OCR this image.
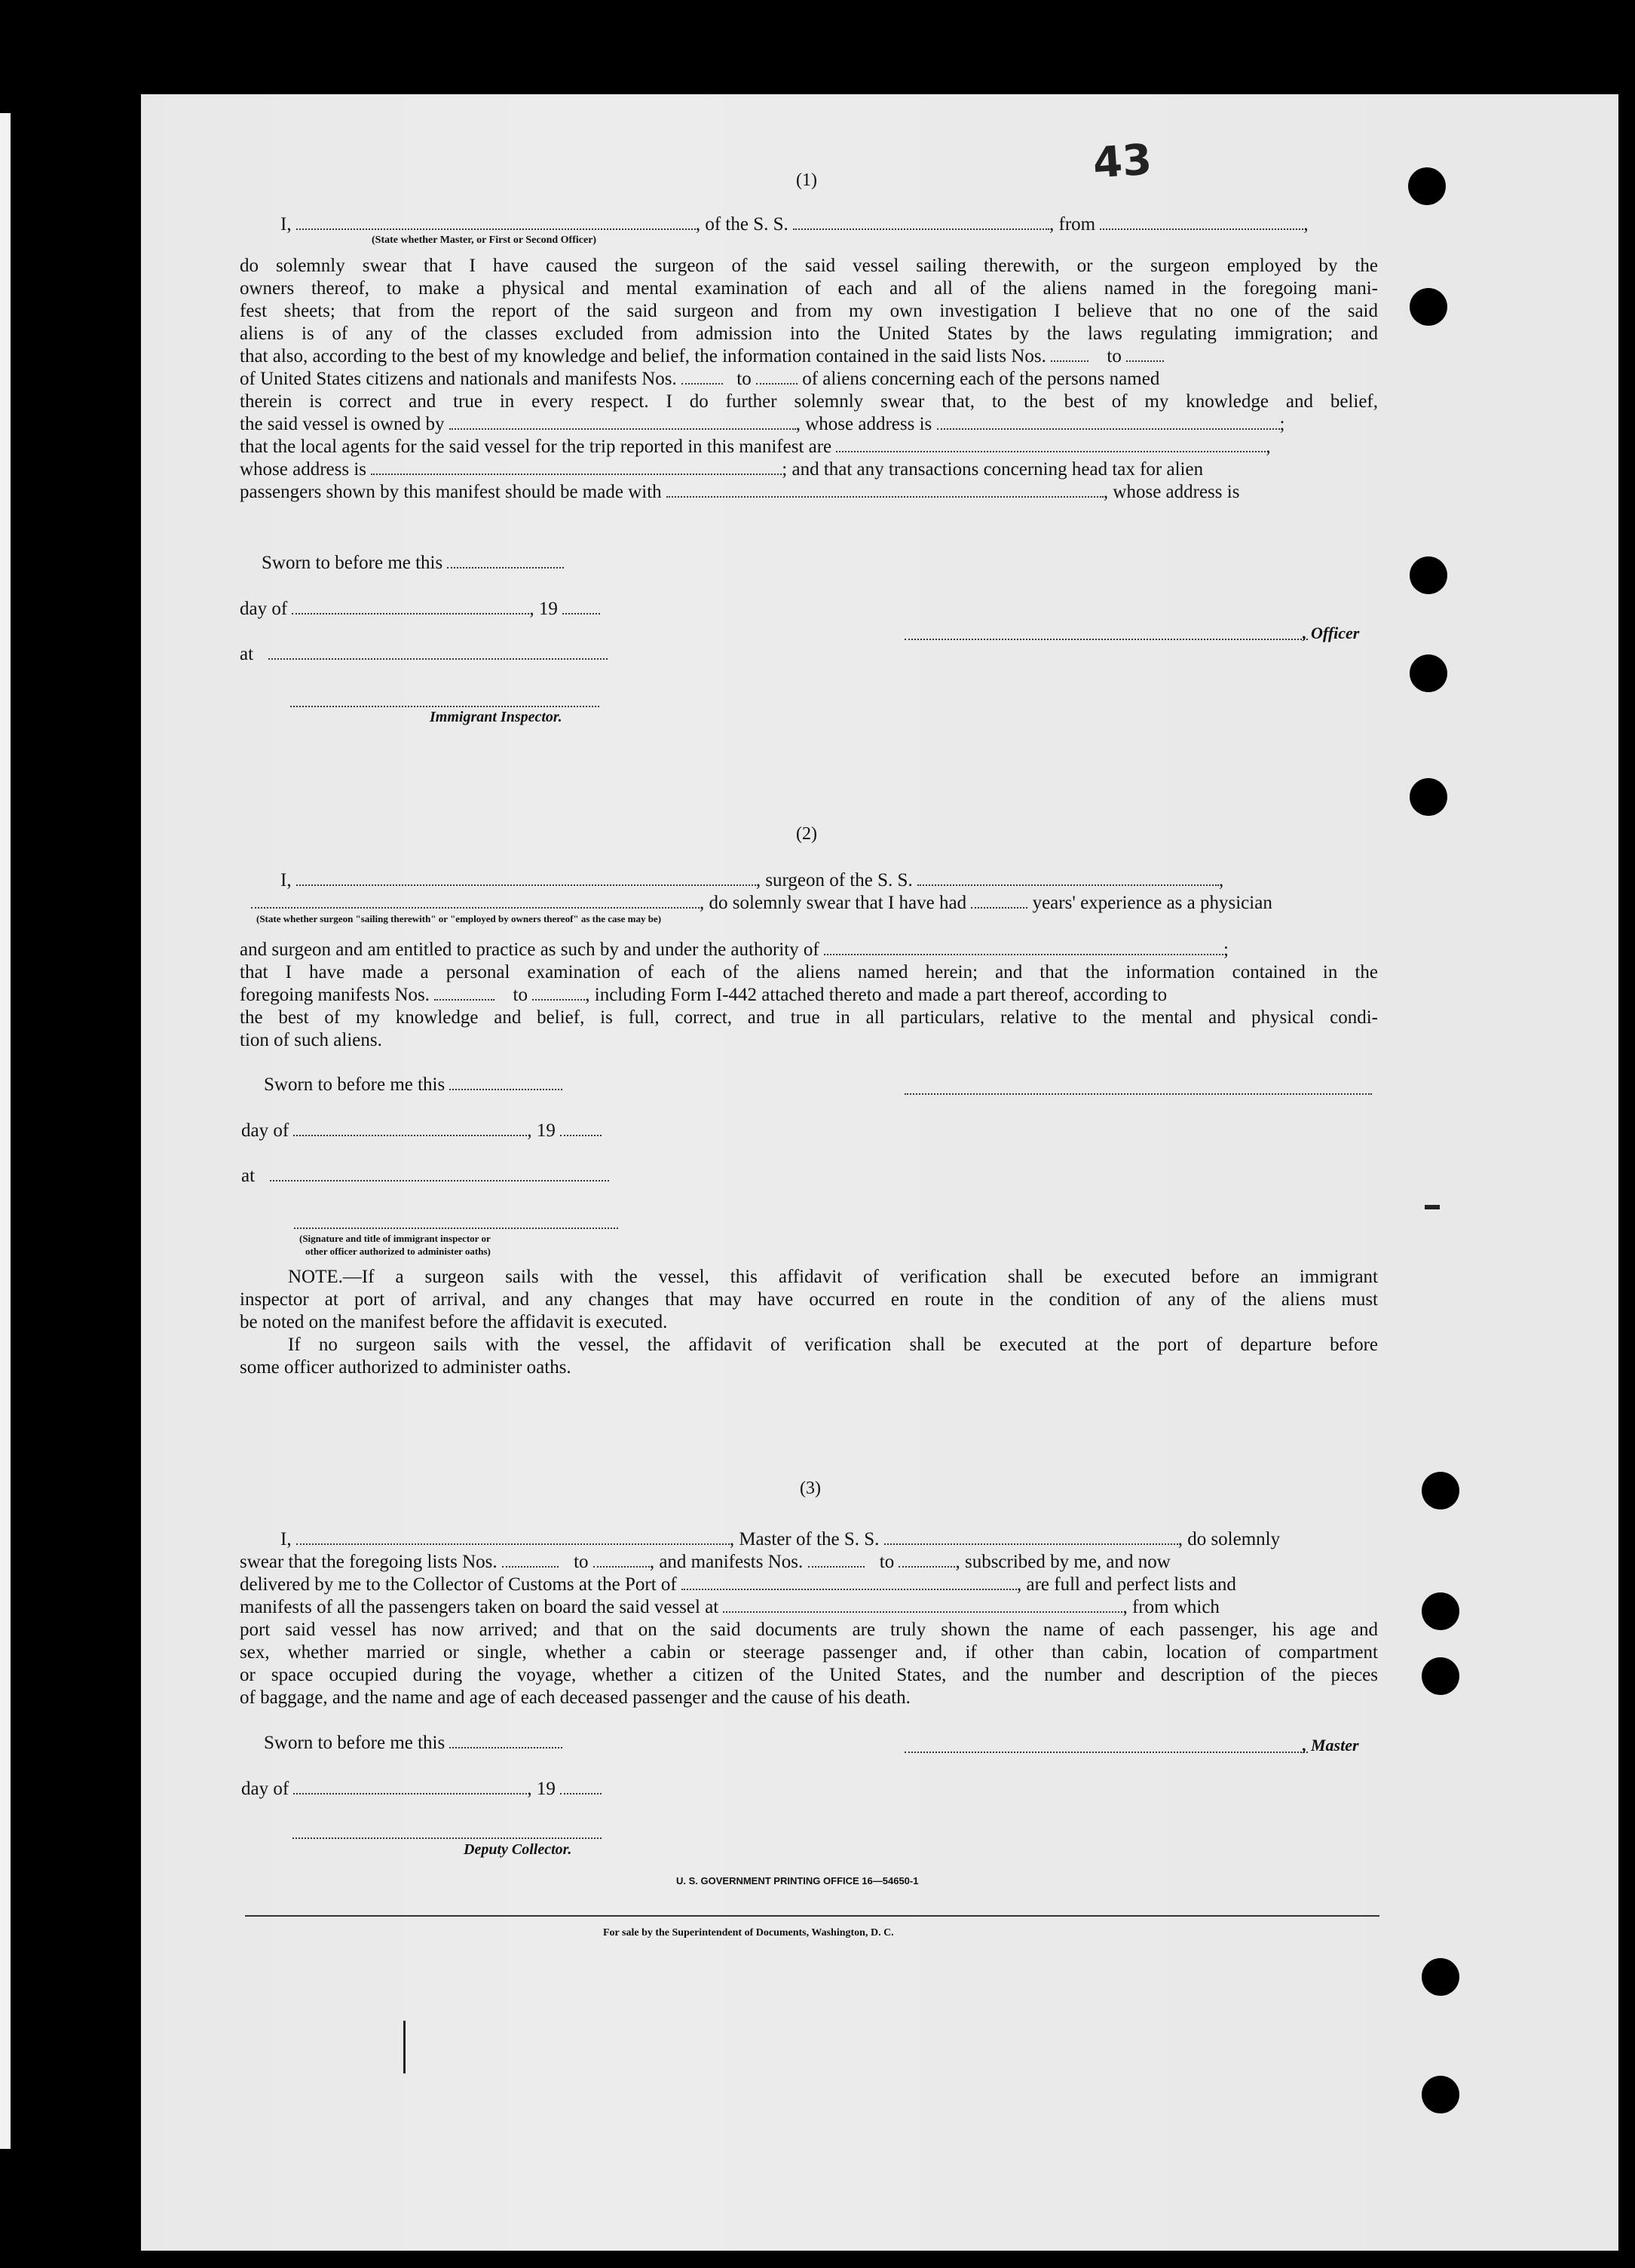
43
(1)
I,	, of the S. S.	, from	,
(State whether Master, or First or Second Officer)
do solemnly swear that I have caused the surgeon of the said vessel sailing therewith, or the surgeon employed by the
owners thereof, to make a physical and mental examination of each and all of the aliens named in the foregoing mani-
fest sheets; that from the report of the said surgeon and from my own investigation I believe that no one of the said
aliens is of any of the classes excluded from admission into the United States by the laws regulating immigration; and
that also, according to the best of my knowledge and belief, the information contained in the said lists Nos.	to
of United States citizens and nationals and manifests Nos.	to	of aliens concerning each of the persons named
therein is correct and true in every respect. I do further solemnly swear that, to the best of my knowledge and belief,
the said vessel is owned by	, whose address is	;
that the local agents for the said vessel for the trip reported in this manifest are	,
whose address is	; and that any transactions concerning head tax for alien
passengers shown by this manifest should be made with	, whose address is
Sworn to before me this
day of	, 19
at
, Officer
Immigrant Inspector.
(2)
I,	, surgeon of the S. S.	,
, do solemnly swear that I have had	years' experience as a physician
(State whether surgeon "sailing therewith" or "employed by owners thereof" as the case may be)
and surgeon and am entitled to practice as such by and under the authority of	;
that I have made a personal examination of each of the aliens named herein; and that the information contained in the
foregoing manifests Nos.	to	, including Form I-442 attached thereto and made a part thereof, according to
the best of my knowledge and belief, is full, correct, and true in all particulars, relative to the mental and physical condi-
tion of such aliens.
Sworn to before me this
day of	, 19
at
(Signature and title of immigrant inspector or
other officer authorized to administer oaths)
NOTE.—If a surgeon sails with the vessel, this affidavit of verification shall be executed before an immigrant
inspector at port of arrival, and any changes that may have occurred en route in the condition of any of the aliens must
be noted on the manifest before the affidavit is executed.
If no surgeon sails with the vessel, the affidavit of verification shall be executed at the port of departure before
some officer authorized to administer oaths.
(3)
I,	, Master of the S. S.	, do solemnly
swear that the foregoing lists Nos.	to	, and manifests Nos.	to	, subscribed by me, and now
delivered by me to the Collector of Customs at the Port of	, are full and perfect lists and
manifests of all the passengers taken on board the said vessel at	, from which
port said vessel has now arrived; and that on the said documents are truly shown the name of each passenger, his age and
sex, whether married or single, whether a cabin or steerage passenger and, if other than cabin, location of compartment
or space occupied during the voyage, whether a citizen of the United States, and the number and description of the pieces
of baggage, and the name and age of each deceased passenger and the cause of his death.
Sworn to before me this	, Master
day of	, 19
Deputy Collector.
U. S. GOVERNMENT PRINTING OFFICE 16—54650-1
For sale by the Superintendent of Documents, Washington, D. C.
